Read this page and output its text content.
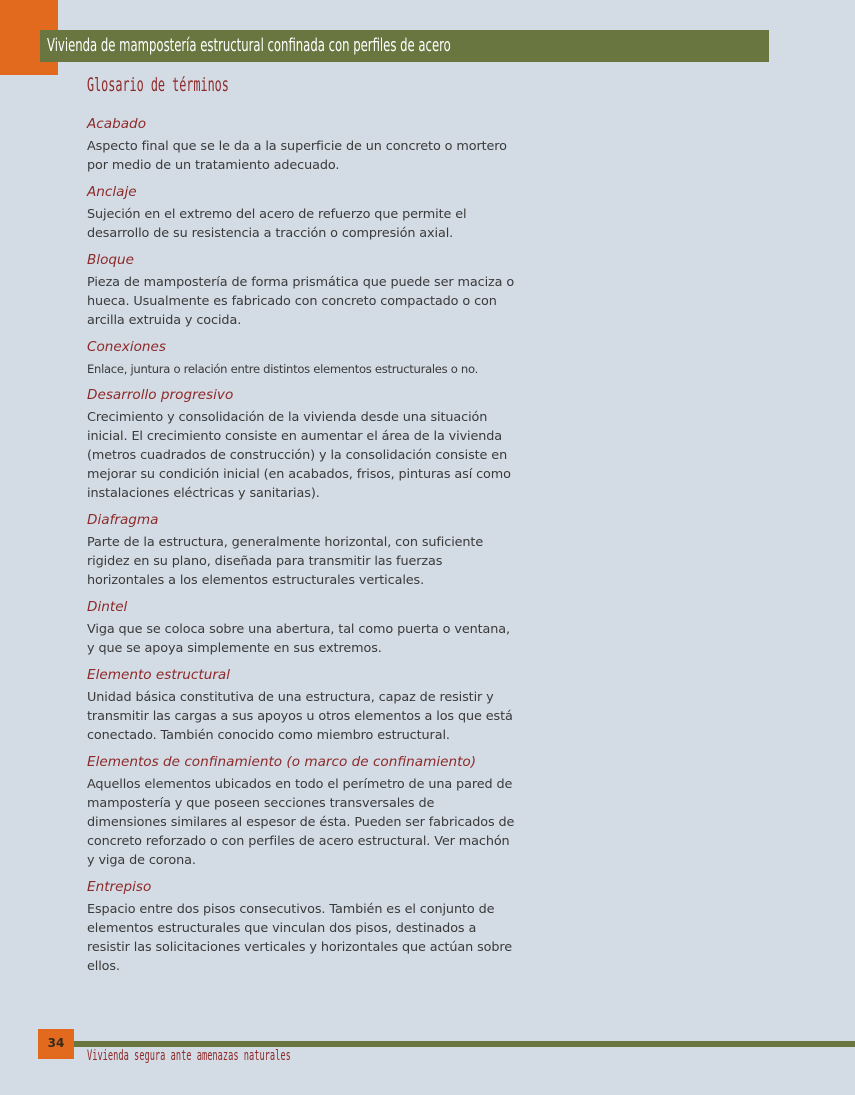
Vivienda de mampostería estructural confinada con perfiles de acero
Glosario de términos

Acabado

Aspecto final que se le da a la superficie de un concreto o mortero por medio de un tratamiento adecuado.

Anclaje

Sujeción en el extremo del acero de refuerzo que permite el desarrollo de su resistencia a tracción o compresión axial.

Bloque

Pieza de mampostería de forma prismática que puede ser maciza o hueca. Usualmente es fabricado con concreto compactado o con arcilla extruida y cocida.

Conexiones

Enlace, juntura o relación entre distintos elementos estructurales o no.

Desarrollo progresivo

Crecimiento y consolidación de la vivienda desde una situación inicial. El crecimiento consiste en aumentar el área de la vivienda (metros cuadrados de construcción) y la consolidación consiste en mejorar su condición inicial (en acabados, frisos, pinturas así como instalaciones eléctricas y sanitarias).

Diafragma

Parte de la estructura, generalmente horizontal, con suficiente rigidez en su plano, diseñada para transmitir las fuerzas horizontales a los elementos estructurales verticales.

Dintel

Viga que se coloca sobre una abertura, tal como puerta o ventana, y que se apoya simplemente en sus extremos.

Elemento estructural

Unidad básica constitutiva de una estructura, capaz de resistir y transmitir las cargas a sus apoyos u otros elementos a los que está conectado. También conocido como miembro estructural.

Elementos de confinamiento (o marco de confinamiento)

Aquellos elementos ubicados en todo el perímetro de una pared de mampostería y que poseen secciones transversales de dimensiones similares al espesor de ésta. Pueden ser fabricados de concreto reforzado o con perfiles de acero estructural. Ver machón y viga de corona.

Entrepiso

Espacio entre dos pisos consecutivos. También es el conjunto de elementos estructurales que vinculan dos pisos, destinados a resistir las solicitaciones verticales y horizontales que actúan sobre ellos.

34
Vivienda segura ante amenazas naturales
